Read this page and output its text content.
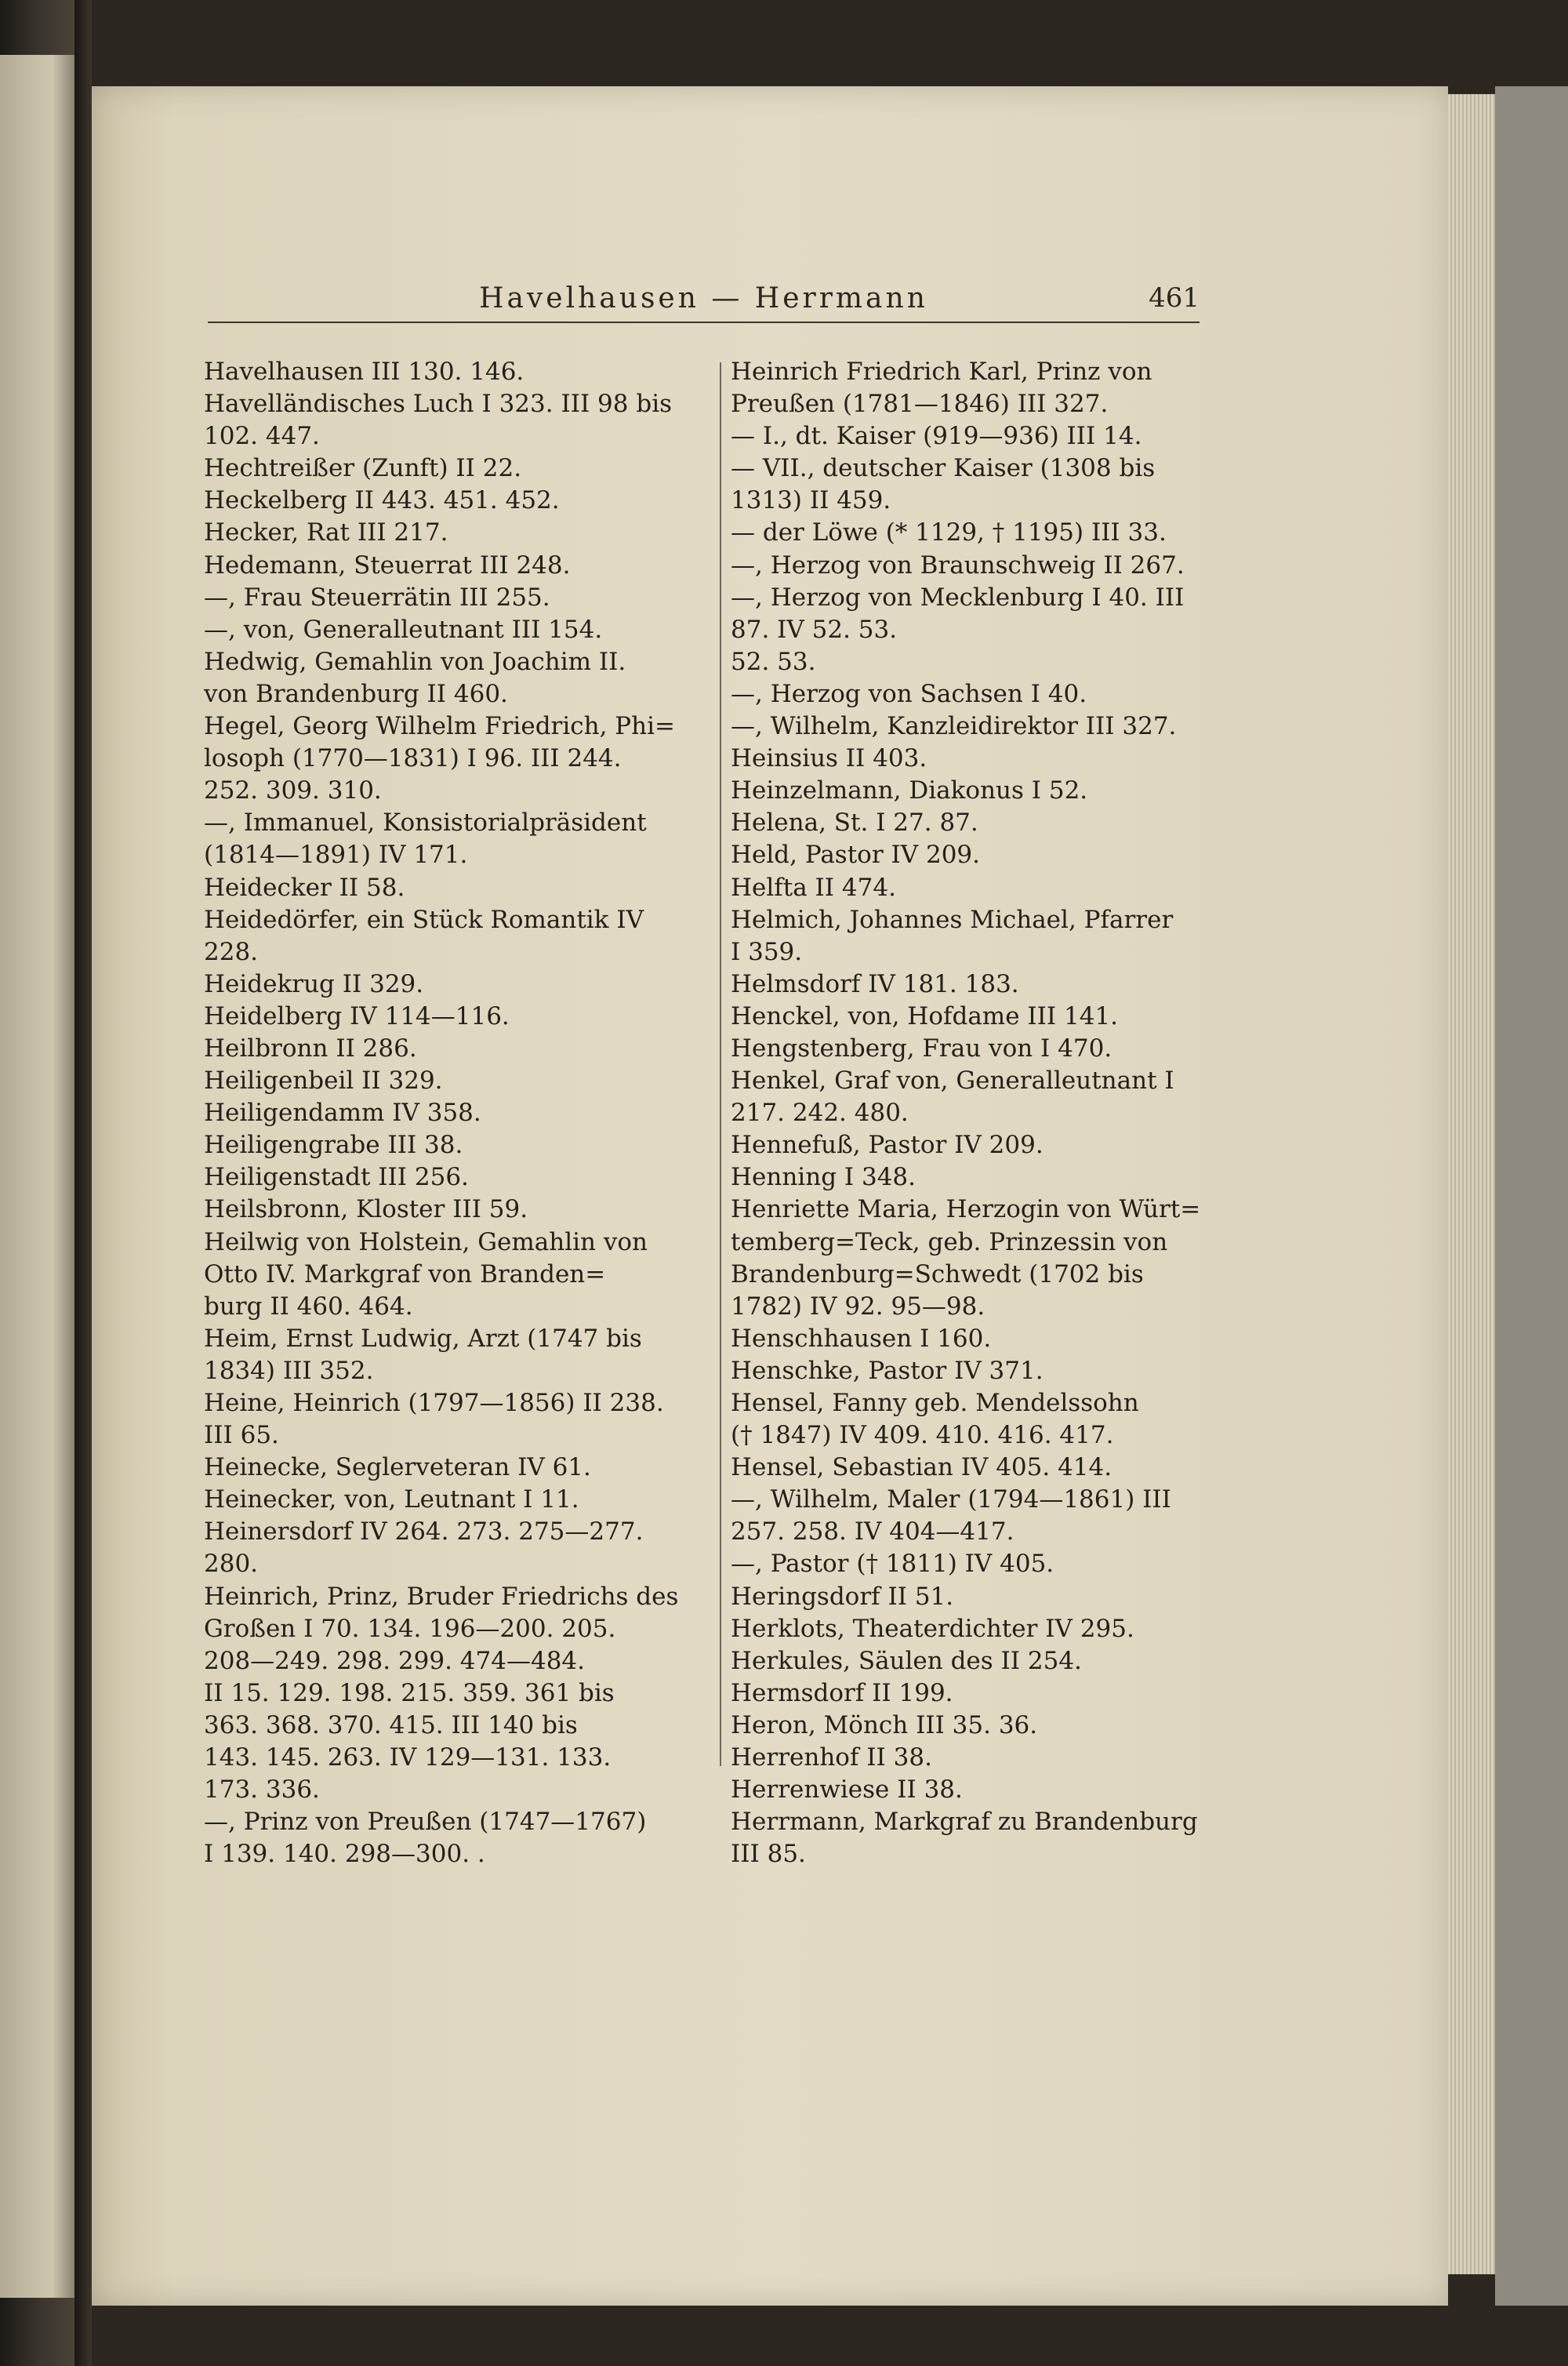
Havelhausen — Herrmann	461
Havelhausen III 130. 146.
Havelländisches Luch I 323. III 98 bis
102. 447.
Hechtreißer (Zunft) II 22.
Heckelberg II 443. 451. 452.
Hecker, Rat III 217.
Hedemann, Steuerrat III 248.
—, Frau Steuerrätin III 255.
—, von, Generalleutnant III 154.
Hedwig, Gemahlin von Joachim II.
von Brandenburg II 460.
Hegel, Georg Wilhelm Friedrich, Phi=
losoph (1770—1831) I 96. III 244.
252. 309. 310.
—, Immanuel, Konsistorialpräsident
(1814—1891) IV 171.
Heidecker II 58.
Heidedörfer, ein Stück Romantik IV
228.
Heidekrug II 329.
Heidelberg IV 114—116.
Heilbronn II 286.
Heiligenbeil II 329.
Heiligendamm IV 358.
Heiligengrabe III 38.
Heiligenstadt III 256.
Heilsbronn, Kloster III 59.
Heilwig von Holstein, Gemahlin von
Otto IV. Markgraf von Branden=
burg II 460. 464.
Heim, Ernst Ludwig, Arzt (1747 bis
1834) III 352.
Heine, Heinrich (1797—1856) II 238.
III 65.
Heinecke, Seglerveteran IV 61.
Heinecker, von, Leutnant I 11.
Heinersdorf IV 264. 273. 275—277.
280.
Heinrich, Prinz, Bruder Friedrichs des
Großen I 70. 134. 196—200. 205.
208—249. 298. 299. 474—484.
II 15. 129. 198. 215. 359. 361 bis
363. 368. 370. 415. III 140 bis
143. 145. 263. IV 129—131. 133.
173. 336.
—, Prinz von Preußen (1747—1767)
I 139. 140. 298—300. .
Heinrich Friedrich Karl, Prinz von
Preußen (1781—1846) III 327.
— I., dt. Kaiser (919—936) III 14.
— VII., deutscher Kaiser (1308 bis
1313) II 459.
— der Löwe (* 1129, † 1195) III 33.
—, Herzog von Braunschweig II 267.
—, Herzog von Mecklenburg I 40. III
87. IV 52. 53.
52. 53.
—, Herzog von Sachsen I 40.
—, Wilhelm, Kanzleidirektor III 327.
Heinsius II 403.
Heinzelmann, Diakonus I 52.
Helena, St. I 27. 87.
Held, Pastor IV 209.
Helfta II 474.
Helmich, Johannes Michael, Pfarrer
I 359.
Helmsdorf IV 181. 183.
Henckel, von, Hofdame III 141.
Hengstenberg, Frau von I 470.
Henkel, Graf von, Generalleutnant I
217. 242. 480.
Hennefuß, Pastor IV 209.
Henning I 348.
Henriette Maria, Herzogin von Würt=
temberg=Teck, geb. Prinzessin von
Brandenburg=Schwedt (1702 bis
1782) IV 92. 95—98.
Henschhausen I 160.
Henschke, Pastor IV 371.
Hensel, Fanny geb. Mendelssohn
(† 1847) IV 409. 410. 416. 417.
Hensel, Sebastian IV 405. 414.
—, Wilhelm, Maler (1794—1861) III
257. 258. IV 404—417.
—, Pastor († 1811) IV 405.
Heringsdorf II 51.
Herklots, Theaterdichter IV 295.
Herkules, Säulen des II 254.
Hermsdorf II 199.
Heron, Mönch III 35. 36.
Herrenhof II 38.
Herrenwiese II 38.
Herrmann, Markgraf zu Brandenburg
III 85.
